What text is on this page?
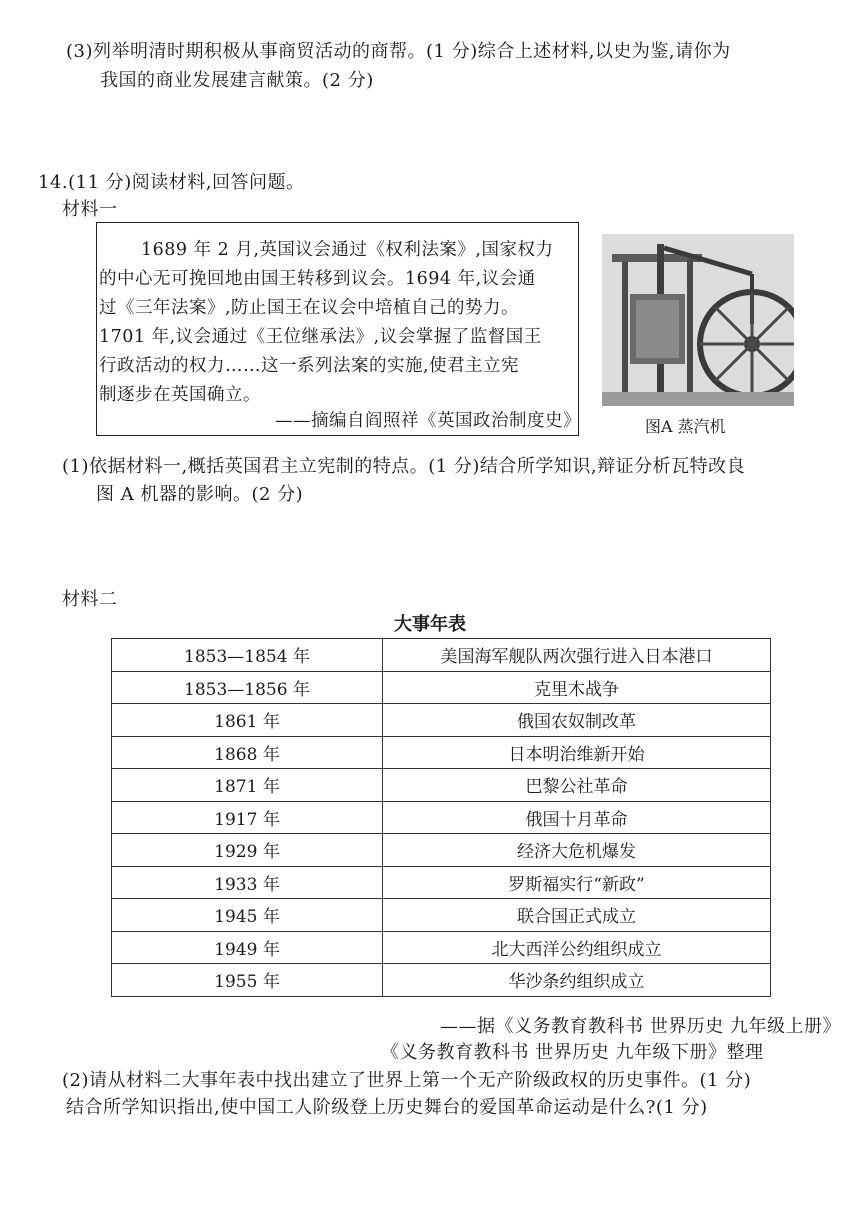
(3)列举明清时期积极从事商贸活动的商帮。(1 分)综合上述材料,以史为鉴,请你为
我国的商业发展建言献策。(2 分)
14.(11 分)阅读材料,回答问题。
材料一
1689 年 2 月,英国议会通过《权利法案》,国家权力
的中心无可挽回地由国王转移到议会。1694 年,议会通
过《三年法案》,防止国王在议会中培植自己的势力。
1701 年,议会通过《王位继承法》,议会掌握了监督国王
行政活动的权力……这一系列法案的实施,使君主立宪
制逐步在英国确立。
——摘编自阎照祥《英国政治制度史》	图A 蒸汽机
(1)依据材料一,概括英国君主立宪制的特点。(1 分)结合所学知识,辩证分析瓦特改良
图 A 机器的影响。(2 分)
材料二
大事年表
1853—1854 年	美国海军舰队两次强行进入日本港口
1853—1856 年	克里木战争
1861 年	俄国农奴制改革
1868 年	日本明治维新开始
1871 年	巴黎公社革命
1917 年	俄国十月革命
1929 年	经济大危机爆发
1933 年	罗斯福实行“新政”
1945 年	联合国正式成立
1949 年	北大西洋公约组织成立
1955 年	华沙条约组织成立
——据《义务教育教科书 世界历史 九年级上册》
《义务教育教科书 世界历史 九年级下册》整理
(2)请从材料二大事年表中找出建立了世界上第一个无产阶级政权的历史事件。(1 分)
结合所学知识指出,使中国工人阶级登上历史舞台的爱国革命运动是什么?(1 分)
